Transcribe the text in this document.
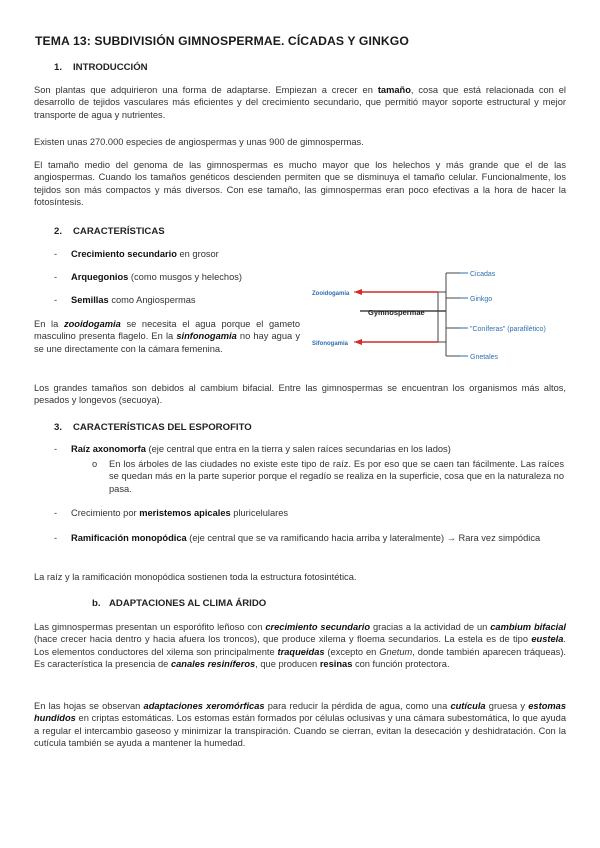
TEMA 13: SUBDIVISIÓN GIMNOSPERMAE. CÍCADAS Y GINKGO
1. INTRODUCCIÓN
Son plantas que adquirieron una forma de adaptarse. Empiezan a crecer en tamaño, cosa que está relacionada con el desarrollo de tejidos vasculares más eficientes y del crecimiento secundario, que permitió mayor soporte estructural y mejor transporte de agua y nutrientes.
Existen unas 270.000 especies de angiospermas y unas 900 de gimnospermas.
El tamaño medio del genoma de las gimnospermas es mucho mayor que los helechos y más grande que el de las angiospermas. Cuando los tamaños genéticos descienden permiten que se disminuya el tamaño celular. Funcionalmente, los tejidos son más compactos y más diversos. Con ese tamaño, las gimnospermas eran poco efectivas a la hora de hacer la fotosíntesis.
2. CARACTERÍSTICAS
- Crecimiento secundario en grosor
- Arquegonios (como musgos y helechos)
- Semillas como Angiospermas
En la zooidogamia se necesita el agua porque el gameto masculino presenta flagelo. En la sinfonogamia no hay agua y se une directamente con la cámara femenina.
Zooidogamia
Sifonogamia
Gymnospermae
Cicadas
Ginkgo
"Coníferas" (parafilético)
Gnetales
Los grandes tamaños son debidos al cambium bifacial. Entre las gimnospermas se encuentran los organismos más altos, pesados y longevos (secuoya).
3. CARACTERÍSTICAS DEL ESPOROFITO
- Raíz axonomorfa (eje central que entra en la tierra y salen raíces secundarias en los lados)
o En los árboles de las ciudades no existe este tipo de raíz. Es por eso que se caen tan fácilmente. Las raíces se quedan más en la parte superior porque el regadío se realiza en la superficie, cosa que en la naturaleza no pasa.
- Crecimiento por meristemos apicales pluricelulares
- Ramificación monopódica (eje central que se va ramificando hacia arriba y lateralmente) → Rara vez simpódica
La raíz y la ramificación monopódica sostienen toda la estructura fotosintética.
b. ADAPTACIONES AL CLIMA ÁRIDO
Las gimnospermas presentan un esporófito leñoso con crecimiento secundario gracias a la actividad de un cambium bifacial (hace crecer hacia dentro y hacia afuera los troncos), que produce xilema y floema secundarios. La estela es de tipo eustela. Los elementos conductores del xilema son principalmente traqueidas (excepto en Gnetum, donde también aparecen tráqueas). Es característica la presencia de canales resiníferos, que producen resinas con función protectora.
En las hojas se observan adaptaciones xeromórficas para reducir la pérdida de agua, como una cutícula gruesa y estomas hundidos en criptas estomáticas. Los estomas están formados por células oclusivas y una cámara subestomática, lo que ayuda a regular el intercambio gaseoso y minimizar la transpiración. Cuando se cierran, evitan la desecación y deshidratación. Con la cutícula también se ayuda a mantener la humedad.
